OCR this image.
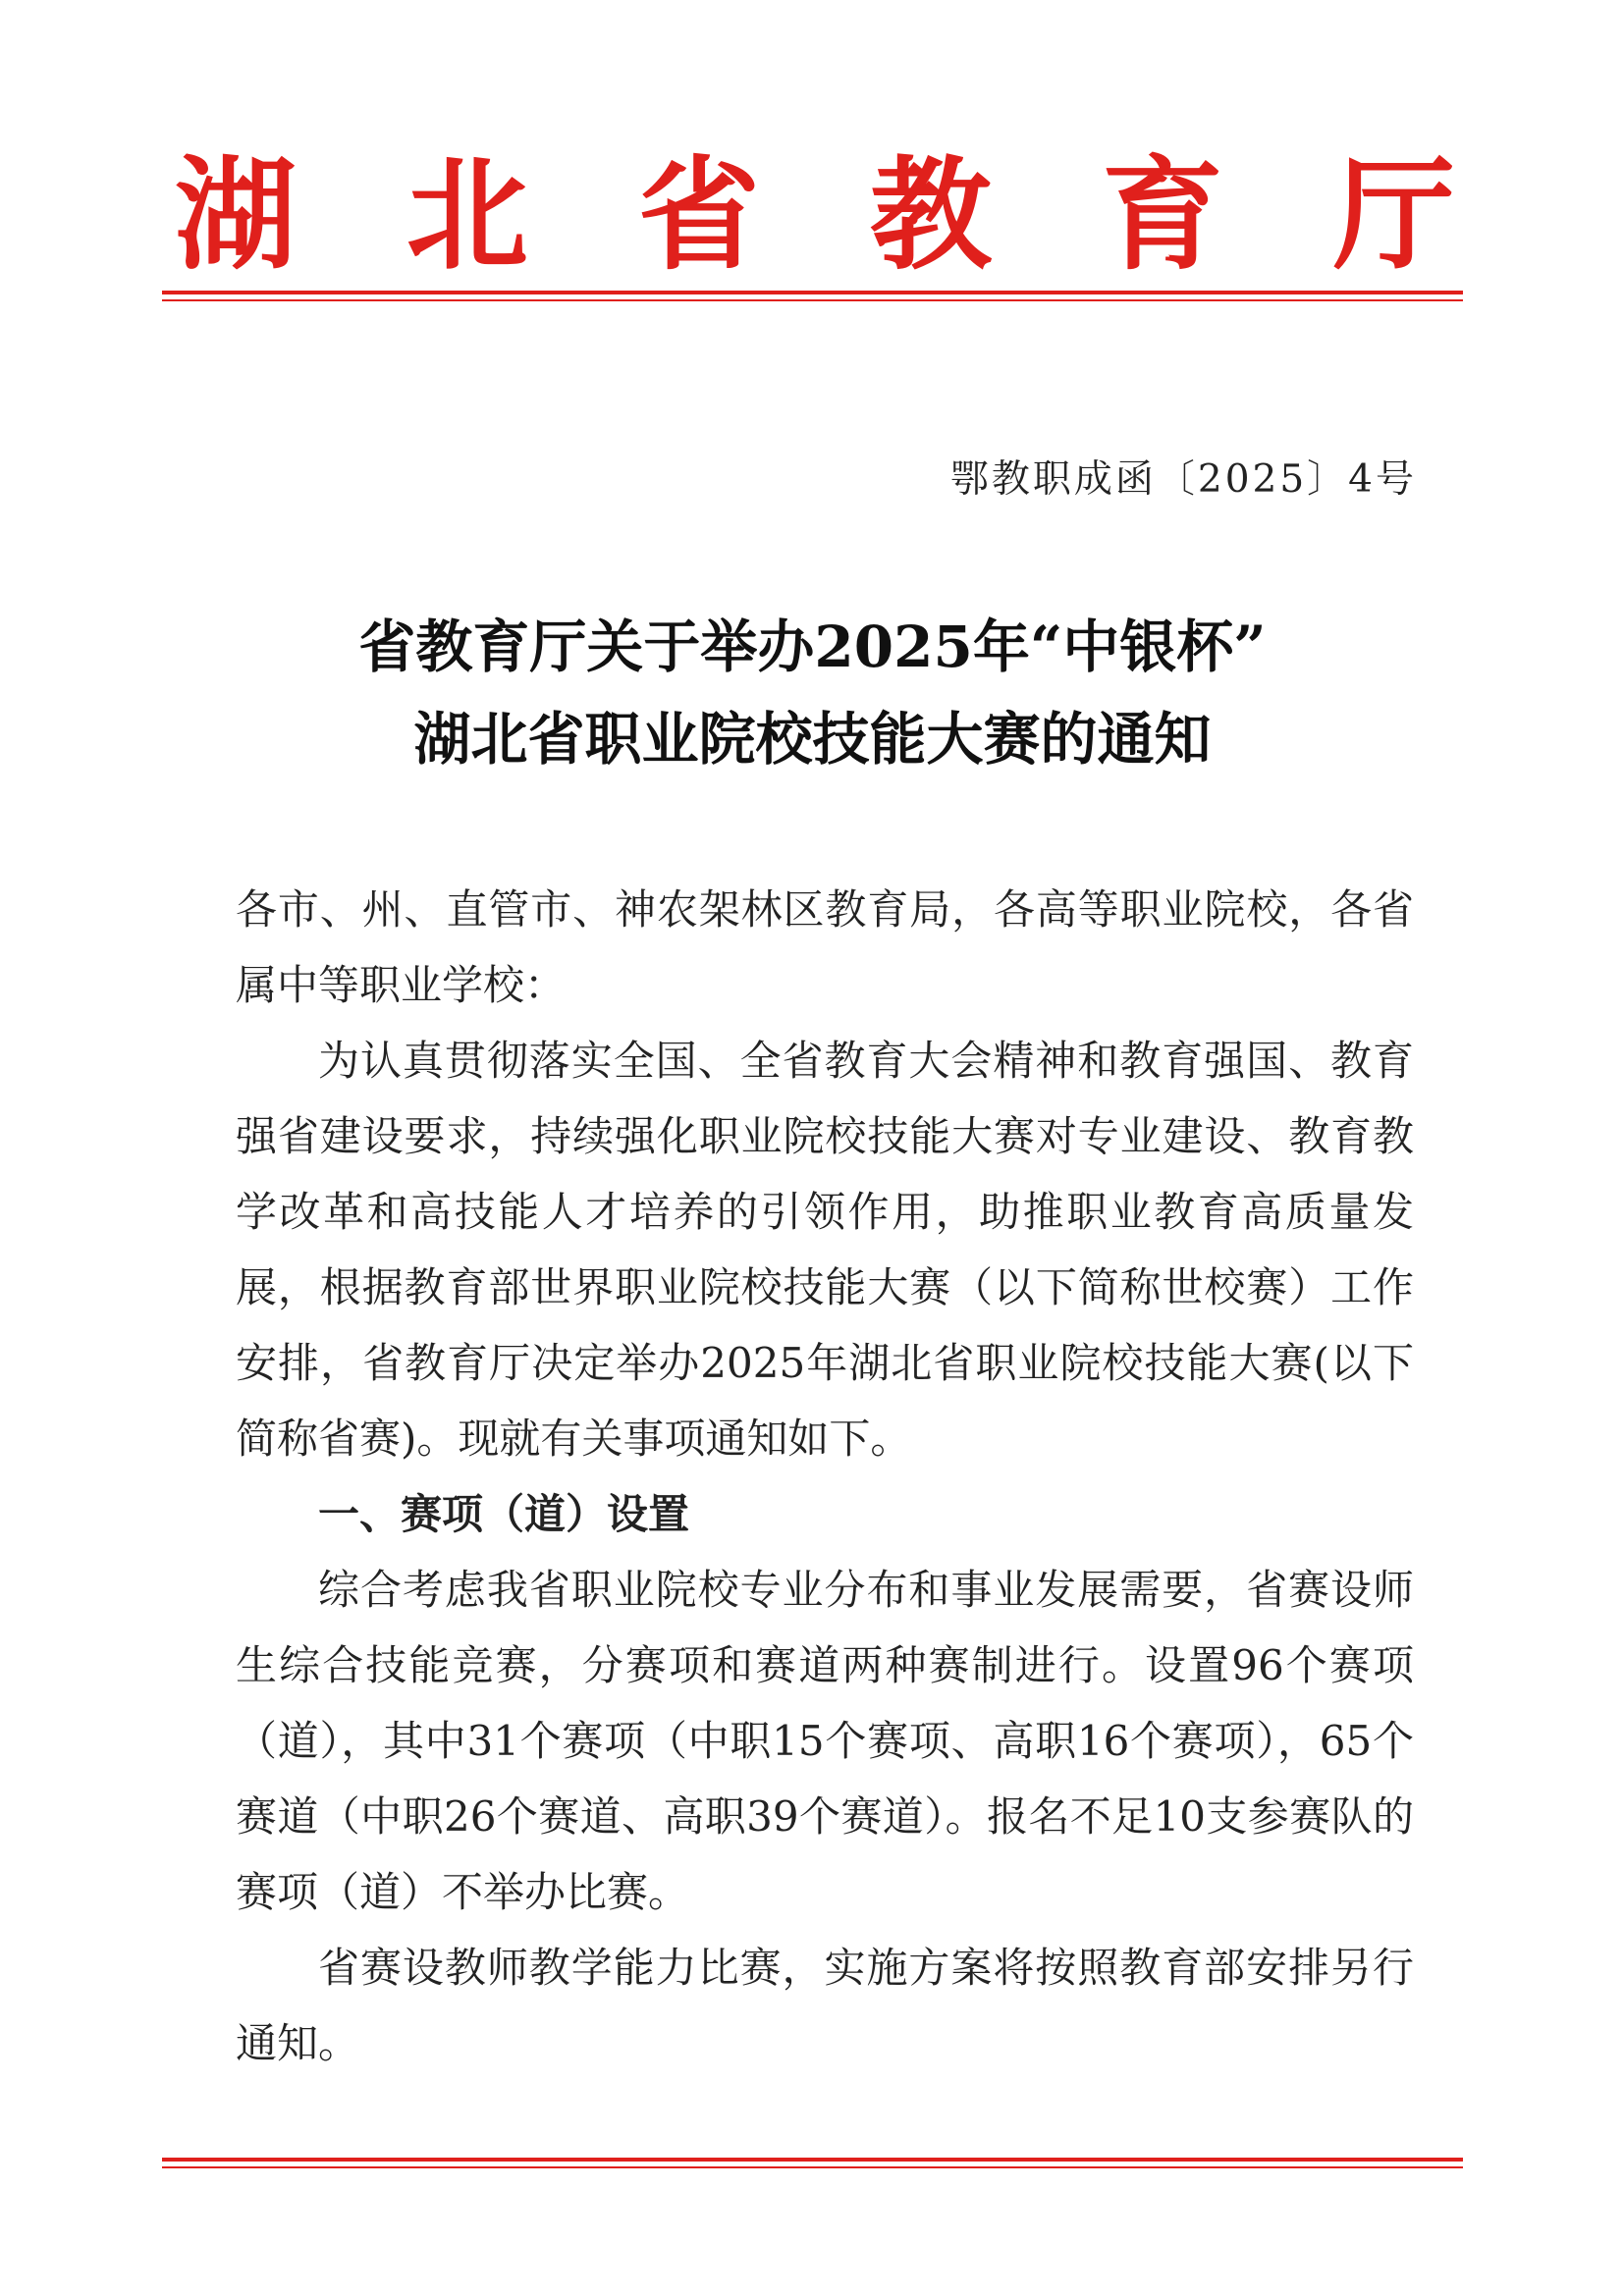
湖 北 省 教 育 厅
鄂教职成函〔2025〕4号
省教育厅关于举办2025年“中银杯”
湖北省职业院校技能大赛的通知

各市、州、直管市、神农架林区教育局，各高等职业院校，各省属中等职业学校：

为认真贯彻落实全国、全省教育大会精神和教育强国、教育强省建设要求，持续强化职业院校技能大赛对专业建设、教育教学改革和高技能人才培养的引领作用，助推职业教育高质量发展，根据教育部世界职业院校技能大赛（以下简称世校赛）工作安排，省教育厅决定举办2025年湖北省职业院校技能大赛(以下简称省赛)。现就有关事项通知如下。

一、赛项（道）设置

综合考虑我省职业院校专业分布和事业发展需要，省赛设师生综合技能竞赛，分赛项和赛道两种赛制进行。设置96个赛项（道），其中31个赛项（中职15个赛项、高职16个赛项），65个赛道（中职26个赛道、高职39个赛道）。报名不足10支参赛队的赛项（道）不举办比赛。

省赛设教师教学能力比赛，实施方案将按照教育部安排另行通知。
